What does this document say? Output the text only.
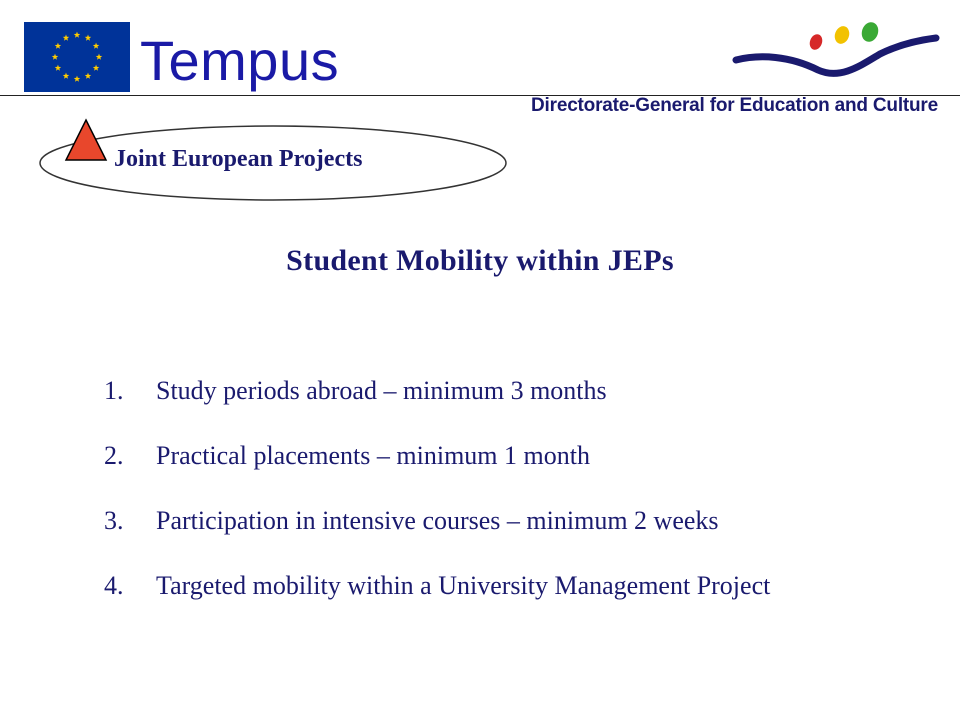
Tempus
Directorate-General for Education and Culture
Joint European Projects
Student Mobility within JEPs
1.	Study periods abroad – minimum 3 months
2.	Practical placements – minimum 1 month
3.	Participation in intensive courses – minimum 2 weeks
4.	Targeted mobility within a University Management Project
